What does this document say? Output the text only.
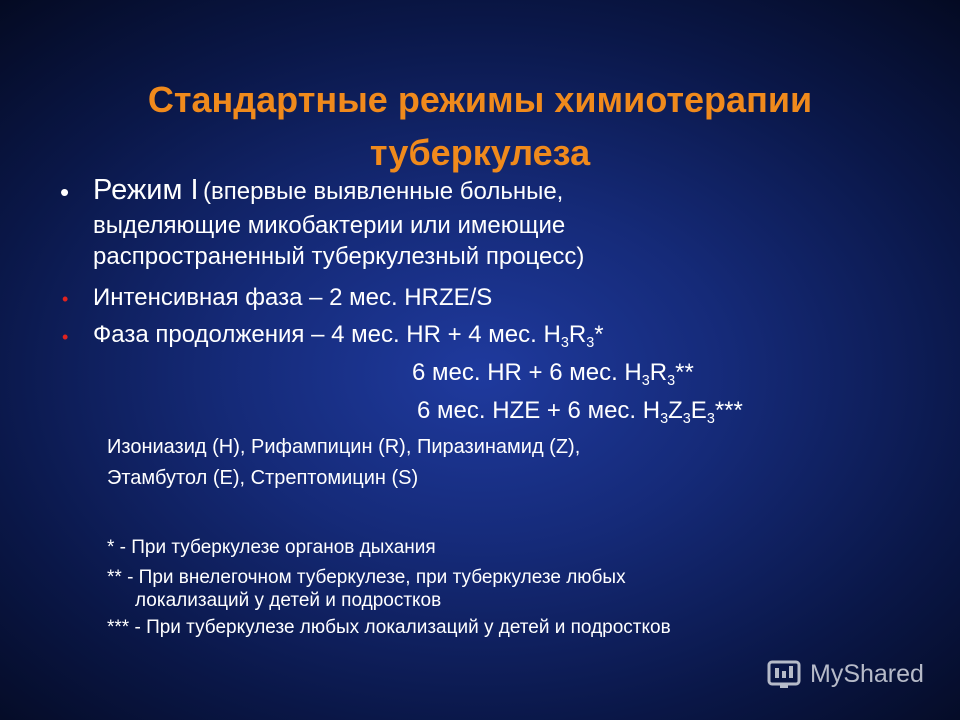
Стандартные режимы химиотерапии
туберкулеза
• Режим I (впервые выявленные больные,
выделяющие микобактерии или имеющие
распространенный туберкулезный процесс)
• Интенсивная фаза – 2 мес. HRZE/S
• Фаза продолжения – 4 мес. HR + 4 мес. $H_3R_3*$
6 мес. HR + 6 мес. $H_3R_3**$
6 мес. HZE + 6 мес. $H_3Z_3E_3***$
Изониазид (H), Рифампицин (R), Пиразинамид (Z),
Этамбутол (E), Стрептомицин (S)
* - При туберкулезе органов дыхания
** - При внелегочном туберкулезе, при туберкулезе любых
локализаций у детей и подростков
*** - При туберкулезе любых локализаций у детей и подростков
MyShared
